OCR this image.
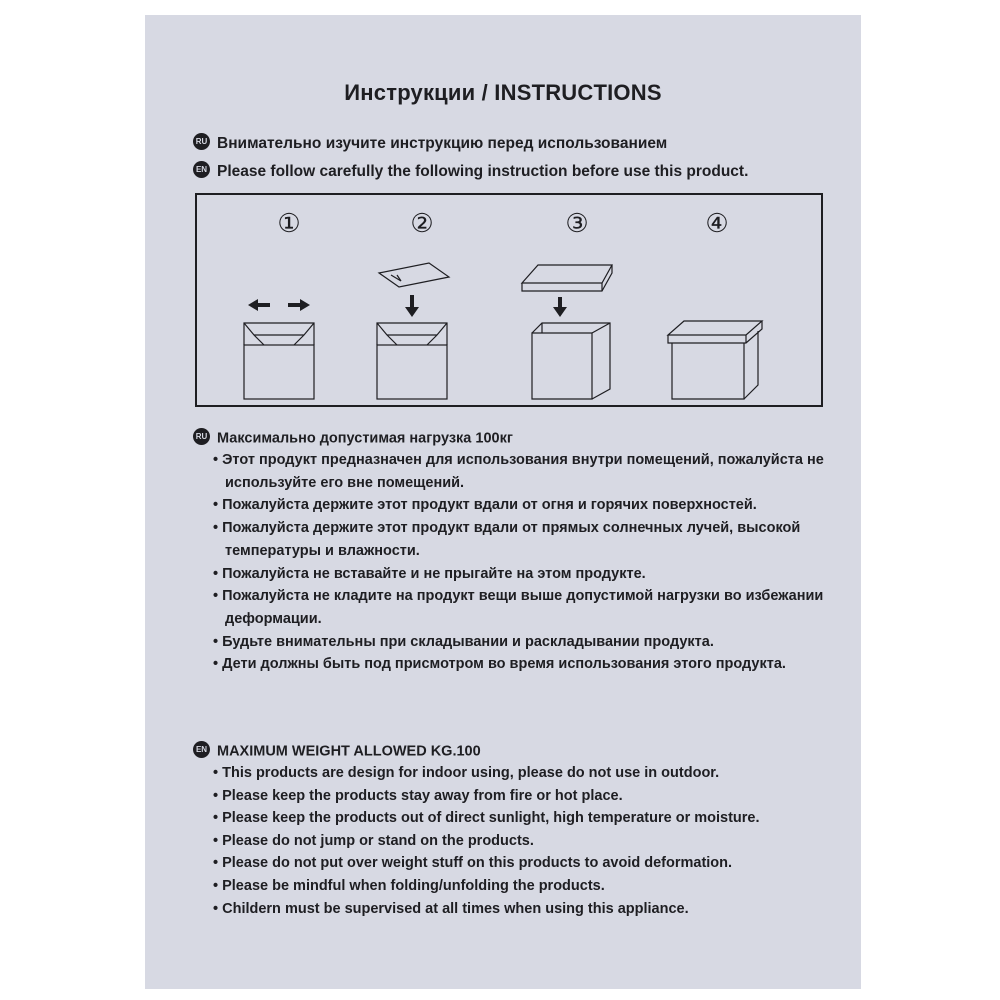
Инструкции / INSTRUCTIONS
RU Внимательно изучите инструкцию перед использованием
EN Please follow carefully the following instruction before use this product.
①	②	③	④
RU Максимально допустимая нагрузка 100кг
• Этот продукт предназначен для использования внутри помещений, пожалуйста не используйте его вне помещений.
• Пожалуйста держите этот продукт вдали от огня и горячих поверхностей.
• Пожалуйста держите этот продукт вдали от прямых солнечных лучей, высокой температуры и влажности.
• Пожалуйста не вставайте и не прыгайте на этом продукте.
• Пожалуйста не кладите на продукт вещи выше допустимой нагрузки во избежании деформации.
• Будьте внимательны при складывании и раскладывании продукта.
• Дети должны быть под присмотром во время использования этого продукта.
EN MAXIMUM WEIGHT ALLOWED KG.100
• This products are design for indoor using, please do not use in outdoor.
• Please keep the products stay away from fire or hot place.
• Please keep the products out of direct sunlight, high temperature or moisture.
• Please do not jump or stand on the products.
• Please do not put over weight stuff on this products to avoid deformation.
• Please be mindful when folding/unfolding the products.
• Childern must be supervised at all times when using this appliance.
